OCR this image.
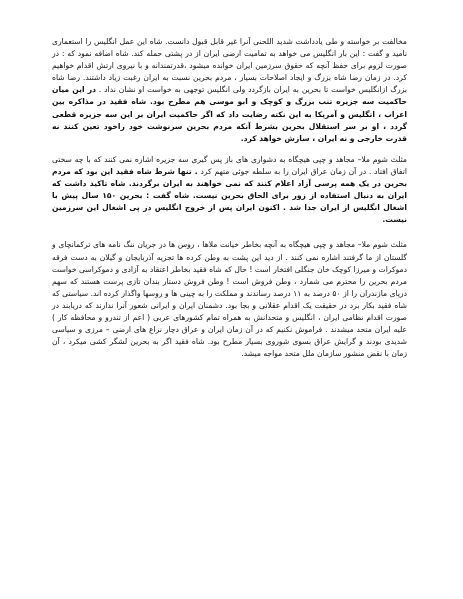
مخالفت بر خواسته و طی یادداشت شدید اللحنی آنرا غیر قابل قبول دانست. شاه این عمل انگلیس را استعماری نامید و گفت : این بار انگلیس می خواهد به تمامیت ارضی ایران از در پشتی حمله کند. شاه اضافه نمود که : در صورت لزوم برای حفظ آنچه که حقوق سرزمین ایران خوانده میشود ،قدرتمندانه و با نیروی ارتش اقدام خواهیم کرد. در زمان رضا شاه بزرگ و ایجاد اصلاحات بسیار ، مردم بحرین نسبت به ایران رغبت زیاد داشتند. رضا شاه بزرگ ازانگلیس خواست تا بحرین به ایران بازگردد ولی انگلیس توجهی به خواست او نشان نداد . در این میان حاکمیت سه جزیره تنب بزرگ و کوچک و ابو موسی هم مطرح بود. شاه فقید در مذاکره بین اعراب ، انگلیس و آمریکا به این نکته رضایت داد که اگر حاکمیت ایران بر این سه جزیره قطعی گردد ، او بر سر استقلال بحرین بشرط آنکه مردم بحرین سرنوشت خود راخود تعین کنند نه قدرت خارجی و نه ایران ، سازش خواهد کرد.

مثلث شوم ملا– مجاهد و چپی هیچگاه به دشواری های باز پس گیری سه جزیره اشاره نمی کنند که با چه سختی اتفاق افتاد . در آن زمان عراق ایران را به سلطه جوئی متهم کرد . تنها شرط شاه فقید این بود که مردم بحرین در یک همه پرسی آزاد اعلام کنند که نمی خواهند به ایران برگردند. شاه تاکید داشت که ایران به دنبال استفاده از زور برای الحاق بحرین نیست. شاه گفت : بحرین ۱۵۰ سال پیش با اشغال انگلیس از ایران جدا شد . اکنون ایران پس از خروج انگلیس در پی اشغال این سرزمین نیست.

مثلث شوم ملا– مجاهد و چپی هیچگاه به آنچه بخاطر خیانت ملاها ، روس ها در جریان ننگ نامه های ترکمانچای و گلستان از ما گرفتند اشاره نمی کنند . از دید این پشت به وطن کرده ها تجزیه آذربایجان و گیلان به دست فرقه دموکرات و میرزا کوچک خان جنگلی افتخار است ! حال که شاه فقید بخاطر اعتقاد به آزادی و دموکراسی خواست مردم بحرین را محترم می شمارد ، وطن فروش است ! وطن فروش دستار بندان تازی پرست هستند که سهم دریای مازندران را از ۵۰ درصد به ۱۱ درصد رساندند و مملکت را به چینی ها و روسها واگذار کرده اند. سیاستی که شاه فقید بکار برد در حقیقت یک اقدام عقلانی و بجا بود. دشمنان ایران و ایرانی شعور آنرا ندارند که دریابند در صورت اقدام نظامی ایران ، انگلیس و متحدانش به همراه تمام کشورهای عربی ( اعم از تندرو و محافظه کار ) علیه ایران متحد میشدند . فراموش نکنیم که در آن زمان ایران و عراق دچار نزاع های ارضی – مرزی و سیاسی شدیدی بودند و گرایش عراق بسوی شوروی بسیار مطرح بود. شاه فقید اگر به بحرین لشگر کشی میکرد ، آن زمان با نقض منشور سازمان ملل متحد مواجه میشد.
